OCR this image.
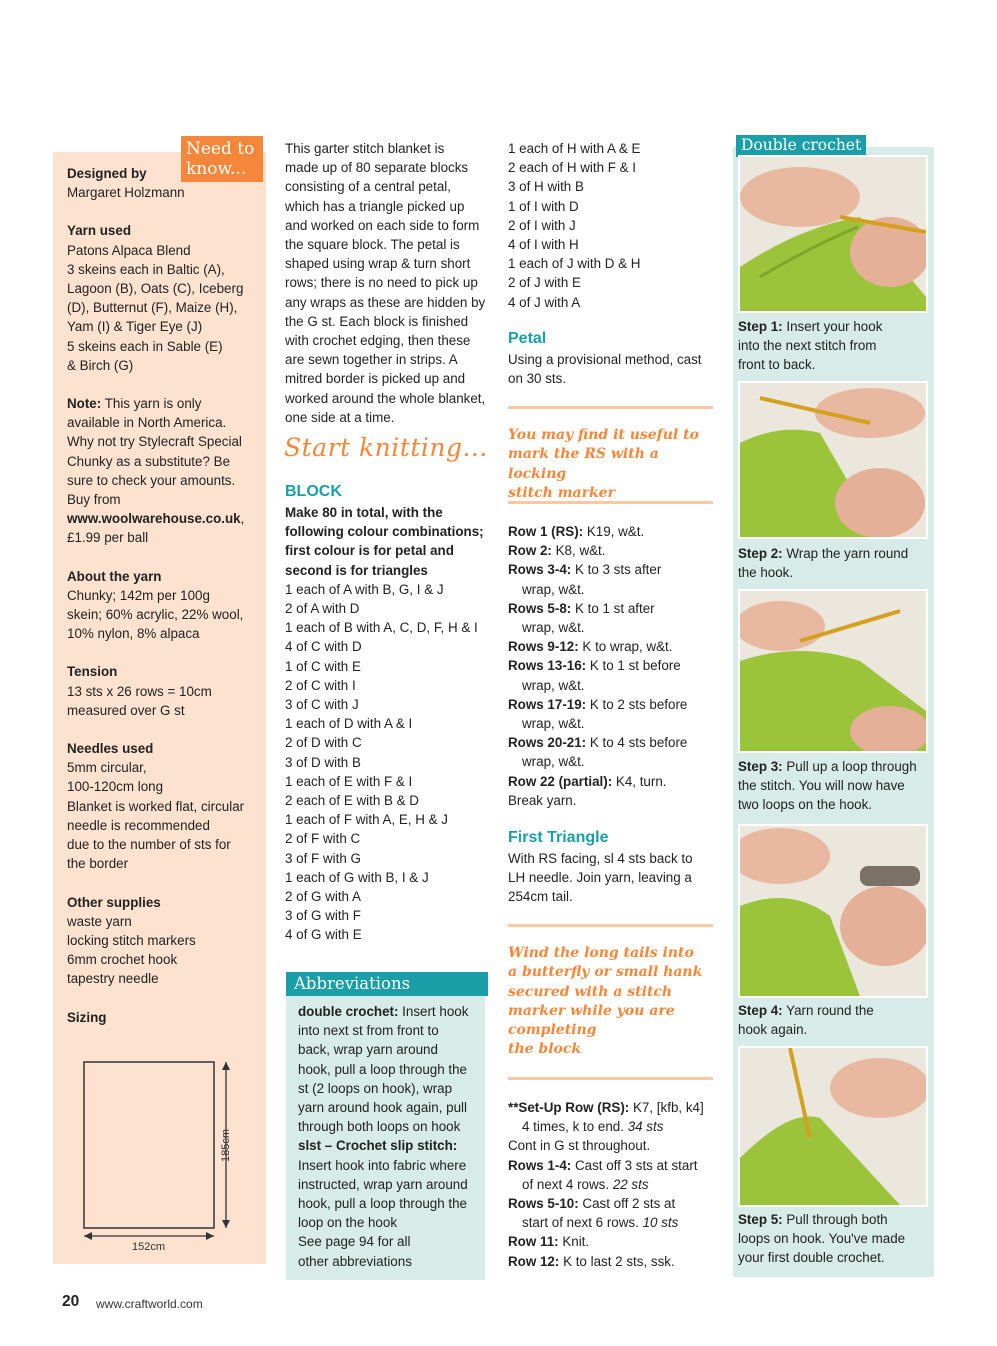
Need to know...

Designed by

Margaret Holzmann

Yarn used

Patons Alpaca Blend

3 skeins each in Baltic (A),

Lagoon (B), Oats (C), Iceberg

(D), Butternut (F), Maize (H),

Yam (I) & Tiger Eye (J)

5 skeins each in Sable (E)

& Birch (G)

Note: This yarn is only

available in North America.

Why not try Stylecraft Special

Chunky as a substitute? Be

sure to check your amounts.

Buy from

www.woolwarehouse.co.uk,

£1.99 per ball

About the yarn

Chunky; 142m per 100g

skein; 60% acrylic, 22% wool,

10% nylon, 8% alpaca

Tension

13 sts x 26 rows = 10cm

measured over G st

Needles used

5mm circular,

100-120cm long

Blanket is worked flat, circular

needle is recommended

due to the number of sts for

the border

Other supplies

waste yarn

locking stitch markers

6mm crochet hook

tapestry needle

Sizing

152cm
185cm

This garter stitch blanket is

made up of 80 separate blocks

consisting of a central petal,

which has a triangle picked up

and worked on each side to form

the square block. The petal is

shaped using wrap & turn short

rows; there is no need to pick up

any wraps as these are hidden by

the G st. Each block is finished

with crochet edging, then these

are sewn together in strips. A

mitred border is picked up and

worked around the whole blanket,

one side at a time.

Start knitting...
BLOCK

Make 80 in total, with the

following colour combinations;

first colour is for petal and

second is for triangles

1 each of A with B, G, I & J

2 of A with D

1 each of B with A, C, D, F, H & I

4 of C with D

1 of C with E

2 of C with I

3 of C with J

1 each of D with A & I

2 of D with C

3 of D with B

1 each of E with F & I

2 each of E with B & D

1 each of F with A, E, H & J

2 of F with C

3 of F with G

1 each of G with B, I & J

2 of G with A

3 of G with F

4 of G with E

Abbreviations

double crochet: Insert hook

into next st from front to

back, wrap yarn around

hook, pull a loop through the

st (2 loops on hook), wrap

yarn around hook again, pull

through both loops on hook

slst – Crochet slip stitch:

Insert hook into fabric where

instructed, wrap yarn around

hook, pull a loop through the

loop on the hook

See page 94 for all

other abbreviations

1 each of H with A & E

2 each of H with F & I

3 of H with B

1 of I with D

2 of I with J

4 of I with H

1 each of J with D & H

2 of J with E

4 of J with A

Petal

Using a provisional method, cast

on 30 sts.

You may find it useful to

mark the RS with a locking

stitch marker

Row 1 (RS): K19, w&t.

Row 2: K8, w&t.

Rows 3-4: K to 3 sts after

wrap, w&t.

Rows 5-8: K to 1 st after

wrap, w&t.

Rows 9-12: K to wrap, w&t.

Rows 13-16: K to 1 st before

wrap, w&t.

Rows 17-19: K to 2 sts before

wrap, w&t.

Rows 20-21: K to 4 sts before

wrap, w&t.

Row 22 (partial): K4, turn.

Break yarn.

First Triangle

With RS facing, sl 4 sts back to

LH needle. Join yarn, leaving a

254cm tail.

Wind the long tails into

a butterfly or small hank

secured with a stitch

marker while you are

completing

the block

**Set-Up Row (RS): K7, [kfb, k4]

4 times, k to end. 34 sts

Cont in G st throughout.

Rows 1-4: Cast off 3 sts at start

of next 4 rows. 22 sts

Rows 5-10: Cast off 2 sts at

start of next 6 rows. 10 sts

Row 11: Knit.

Row 12: K to last 2 sts, ssk.

Double crochet

Step 1: Insert your hook

into the next stitch from

front to back.

Step 2: Wrap the yarn round

the hook.

Step 3: Pull up a loop through

the stitch. You will now have

two loops on the hook.

Step 4: Yarn round the

hook again.

Step 5: Pull through both

loops on hook. You've made

your first double crochet.

20 www.craftworld.com
